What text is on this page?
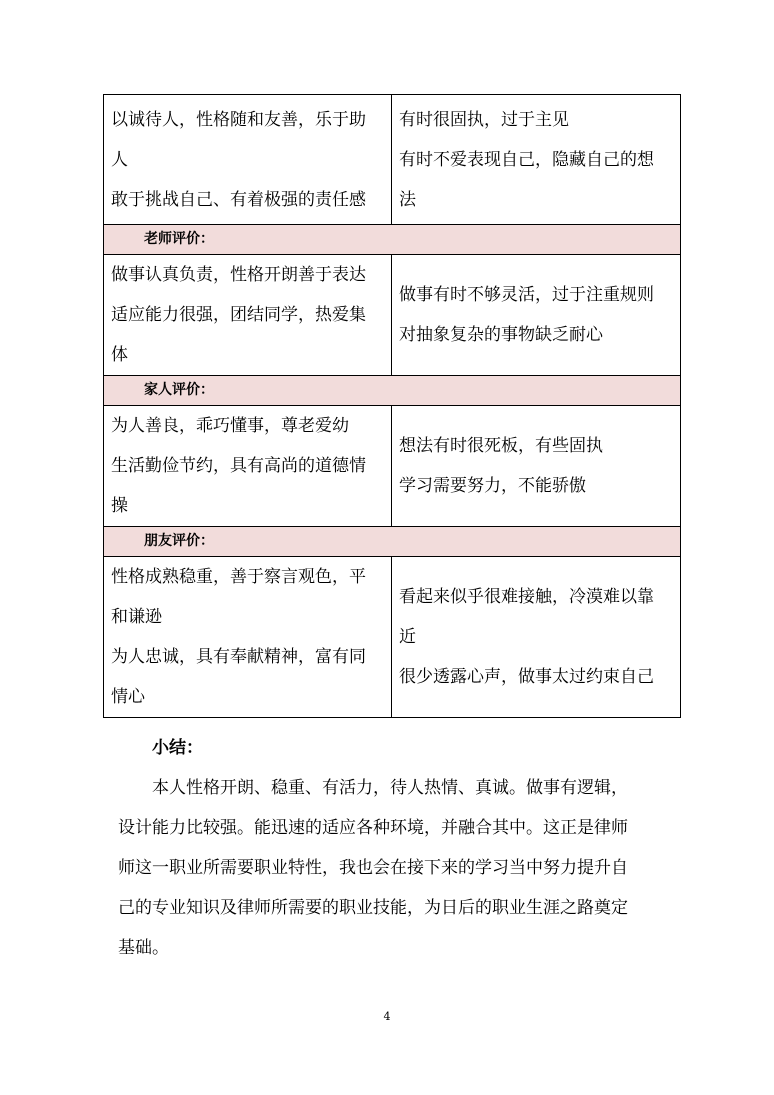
以诚待人，性格随和友善，乐于助
人
敢于挑战自己、有着极强的责任感	有时很固执，过于主见
有时不爱表现自己，隐藏自己的想
法

老师评价：	

做事认真负责，性格开朗善于表达
适应能力很强，团结同学，热爱集
体	做事有时不够灵活，过于注重规则
对抽象复杂的事物缺乏耐心

家人评价：	

为人善良，乖巧懂事，尊老爱幼
生活勤俭节约，具有高尚的道德情
操	想法有时很死板，有些固执
学习需要努力，不能骄傲

朋友评价：	

性格成熟稳重，善于察言观色，平
和谦逊
为人忠诚，具有奉献精神，富有同
情心	看起来似乎很难接触，冷漠难以靠
近
很少透露心声，做事太过约束自己
小结：
　　本人性格开朗、稳重、有活力，待人热情、真诚。做事有逻辑，
设计能力比较强。能迅速的适应各种环境，并融合其中。这正是律师
师这一职业所需要职业特性，我也会在接下来的学习当中努力提升自
己的专业知识及律师所需要的职业技能，为日后的职业生涯之路奠定
基础。
4
